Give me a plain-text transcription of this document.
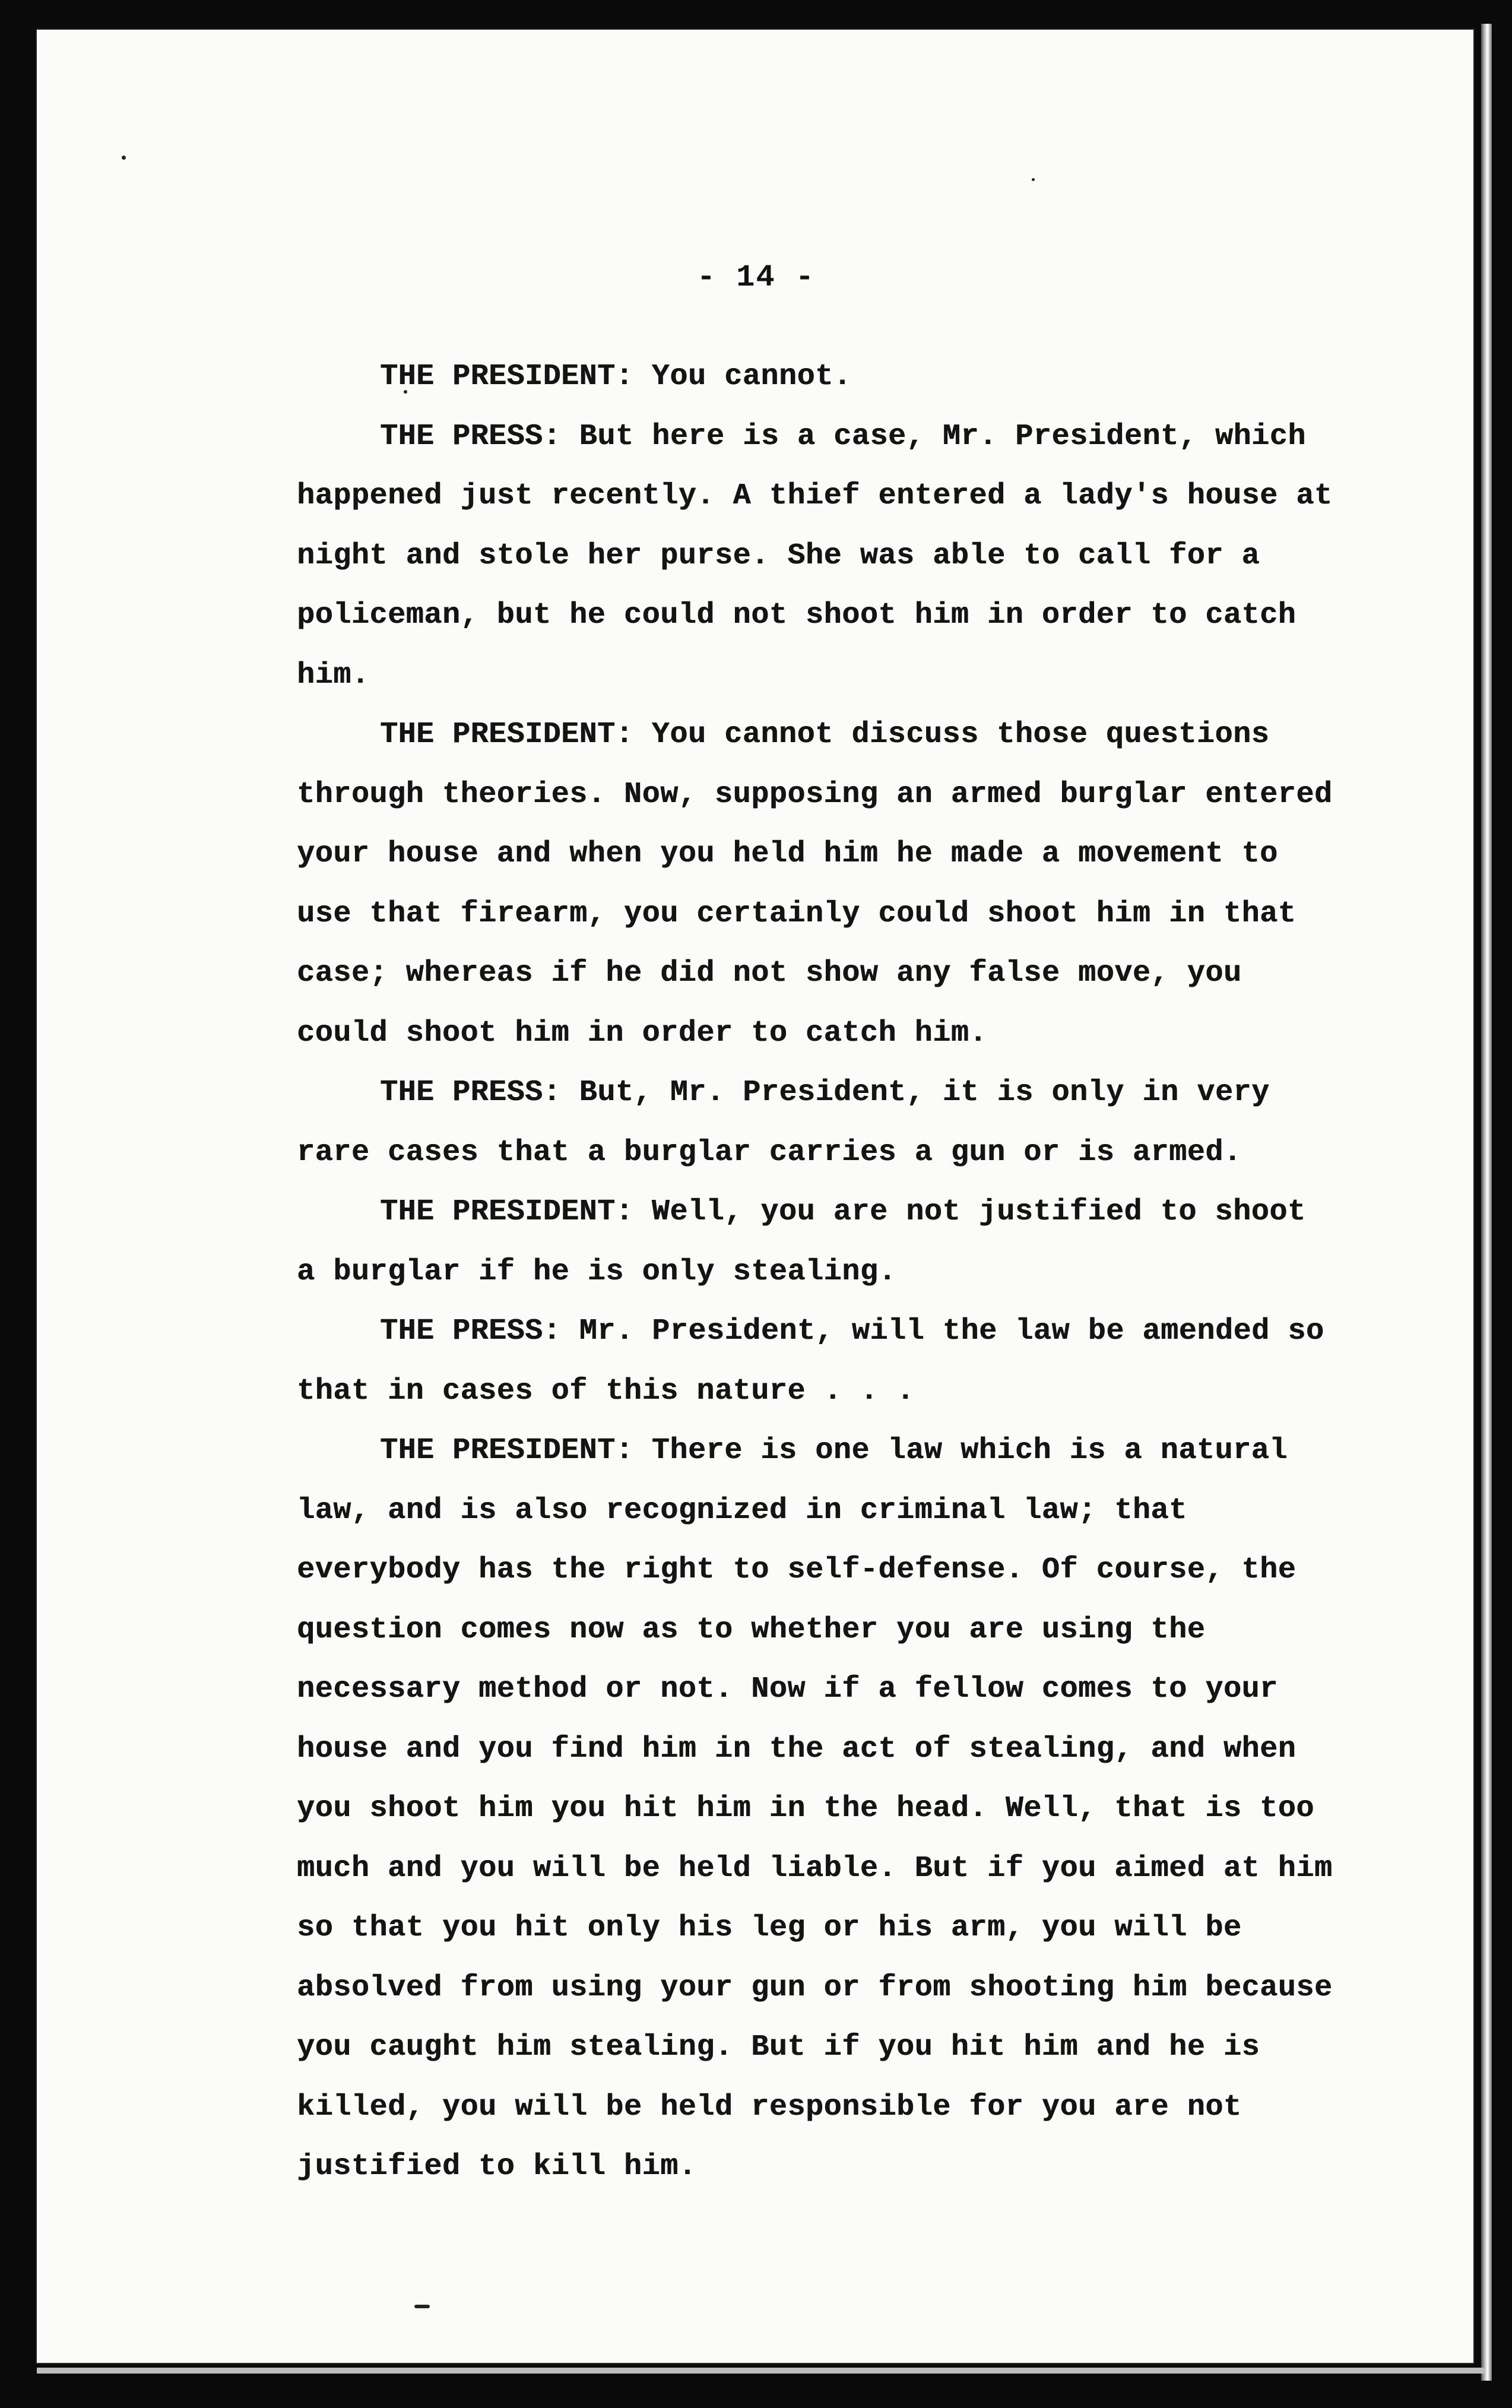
- 14 -

THE PRESIDENT: You cannot.

THE PRESS: But here is a case, Mr. President, which happened just recently. A thief entered a lady's house at night and stole her purse. She was able to call for a policeman, but he could not shoot him in order to catch him.

THE PRESIDENT: You cannot discuss those questions through theories. Now, supposing an armed burglar entered your house and when you held him he made a movement to use that firearm, you certainly could shoot him in that case; whereas if he did not show any false move, you could shoot him in order to catch him.

THE PRESS: But, Mr. President, it is only in very rare cases that a burglar carries a gun or is armed.

THE PRESIDENT: Well, you are not justified to shoot a burglar if he is only stealing.

THE PRESS: Mr. President, will the law be amended so that in cases of this nature . . .

THE PRESIDENT: There is one law which is a natural law, and is also recognized in criminal law; that everybody has the right to self-defense. Of course, the question comes now as to whether you are using the necessary method or not. Now if a fellow comes to your house and you find him in the act of stealing, and when you shoot him you hit him in the head. Well, that is too much and you will be held liable. But if you aimed at him so that you hit only his leg or his arm, you will be absolved from using your gun or from shooting him because you caught him stealing. But if you hit him and he is killed, you will be held responsible for you are not justified to kill him.
